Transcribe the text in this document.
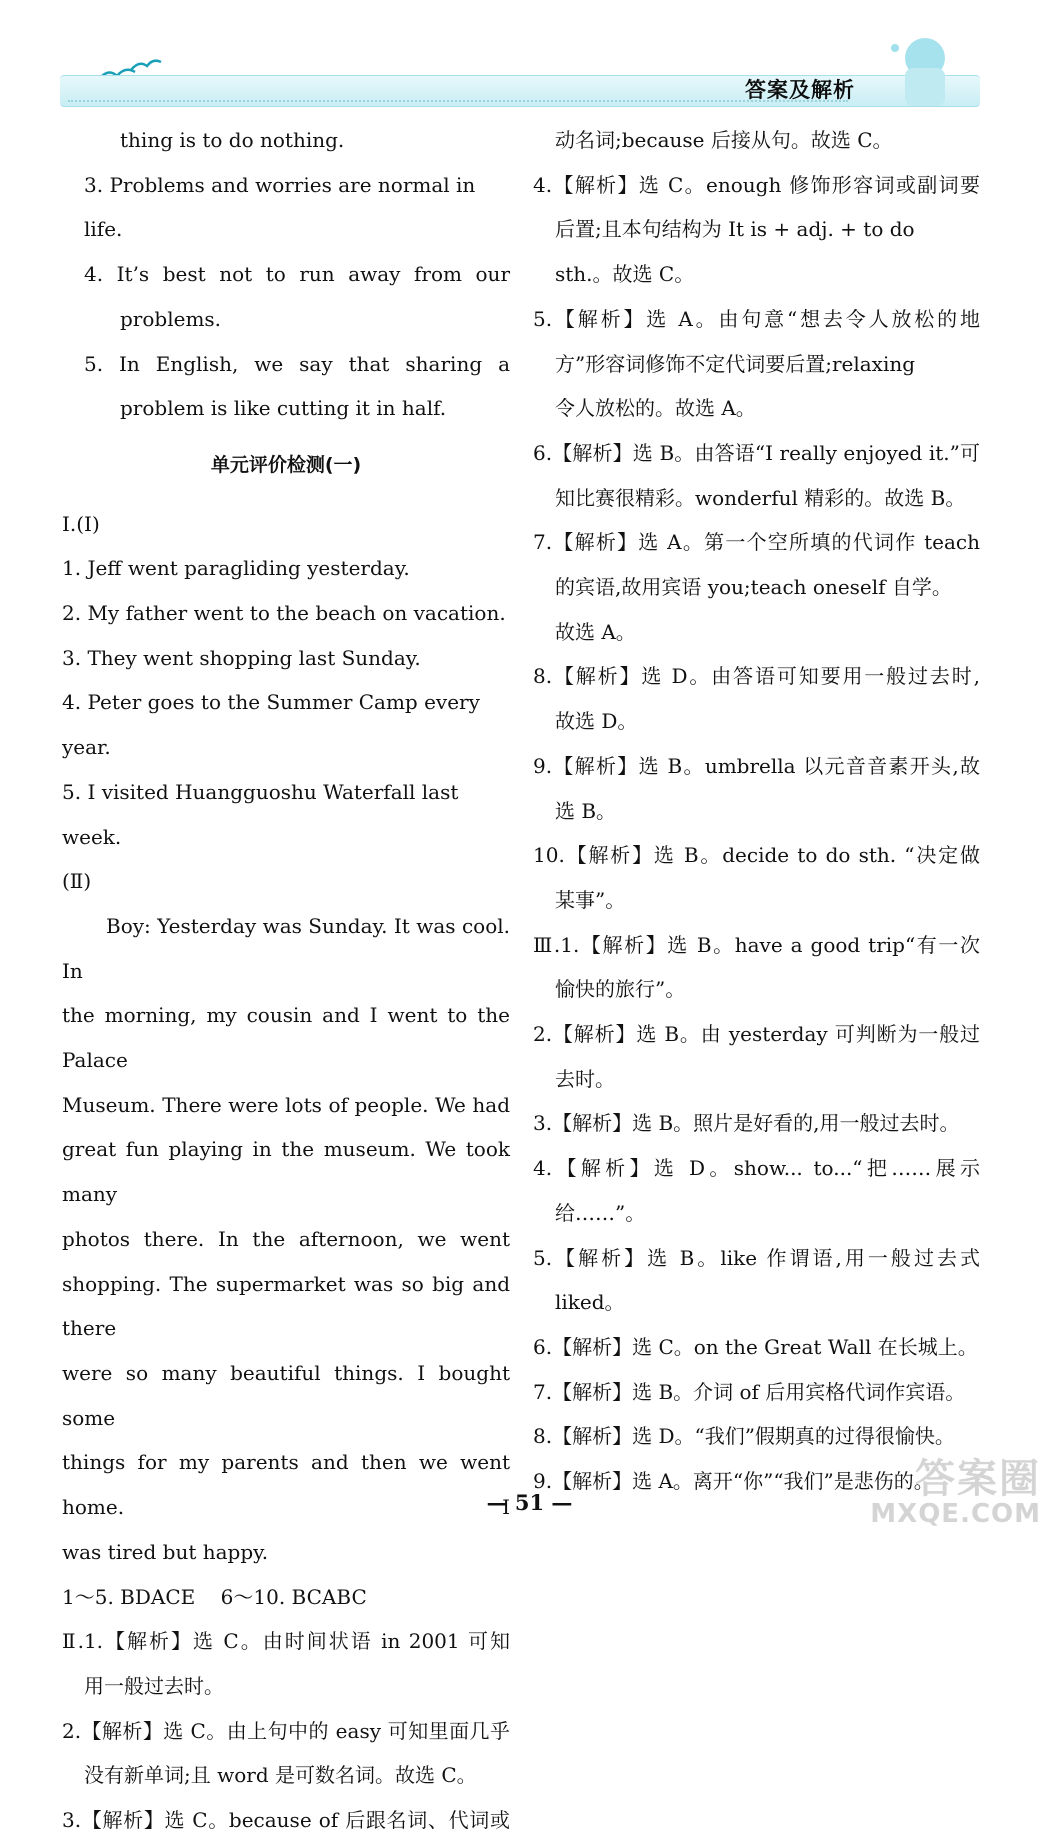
答案及解析

thing is to do nothing.

3. Problems and worries are normal in life.

4. It’s best not to run away from our

problems.

5. In English, we say that sharing a

problem is like cutting it in half.

单元评价检测(一)

Ⅰ.(Ⅰ)

1. Jeff went paragliding yesterday.

2. My father went to the beach on vacation.

3. They went shopping last Sunday.

4. Peter goes to the Summer Camp every year.

5. I visited Huangguoshu Waterfall last week.

(Ⅱ)

Boy: Yesterday was Sunday. It was cool. In

the morning, my cousin and I went to the Palace

Museum. There were lots of people. We had

great fun playing in the museum. We took many

photos there. In the afternoon, we went

shopping. The supermarket was so big and there

were so many beautiful things. I bought some

things for my parents and then we went home. I

was tired but happy.

1～5. BDACE    6～10. BCABC

Ⅱ.1.【解析】选 C。由时间状语 in 2001 可知

用一般过去时。

2.【解析】选 C。由上句中的 easy 可知里面几乎

没有新单词;且 word 是可数名词。故选 C。

3.【解析】选 C。because of 后跟名词、代词或

动名词;because 后接从句。故选 C。

4.【解析】选 C。enough 修饰形容词或副词要

后置;且本句结构为 It is + adj. + to do

sth.。故选 C。

5.【解析】选 A。由句意“想去令人放松的地

方”形容词修饰不定代词要后置;relaxing

令人放松的。故选 A。

6.【解析】选 B。由答语“I really enjoyed it.”可

知比赛很精彩。wonderful 精彩的。故选 B。

7.【解析】选 A。第一个空所填的代词作 teach

的宾语,故用宾语 you;teach oneself 自学。

故选 A。

8.【解析】选 D。由答语可知要用一般过去时,

故选 D。

9.【解析】选 B。umbrella 以元音音素开头,故

选 B。

10.【解析】选 B。decide to do sth. “决定做

某事”。

Ⅲ.1.【解析】选 B。have a good trip“有一次

愉快的旅行”。

2.【解析】选 B。由 yesterday 可判断为一般过

去时。

3.【解析】选 B。照片是好看的,用一般过去时。

4.【解析】选 D。show... to...“把……展示

给……”。

5.【解析】选 B。like 作谓语,用一般过去式

liked。

6.【解析】选 C。on the Great Wall 在长城上。

7.【解析】选 B。介词 of 后用宾格代词作宾语。

8.【解析】选 D。“我们”假期真的过得很愉快。

9.【解析】选 A。离开“你”“我们”是悲伤的。

— 51 —
答案圈
MXQE.COM
